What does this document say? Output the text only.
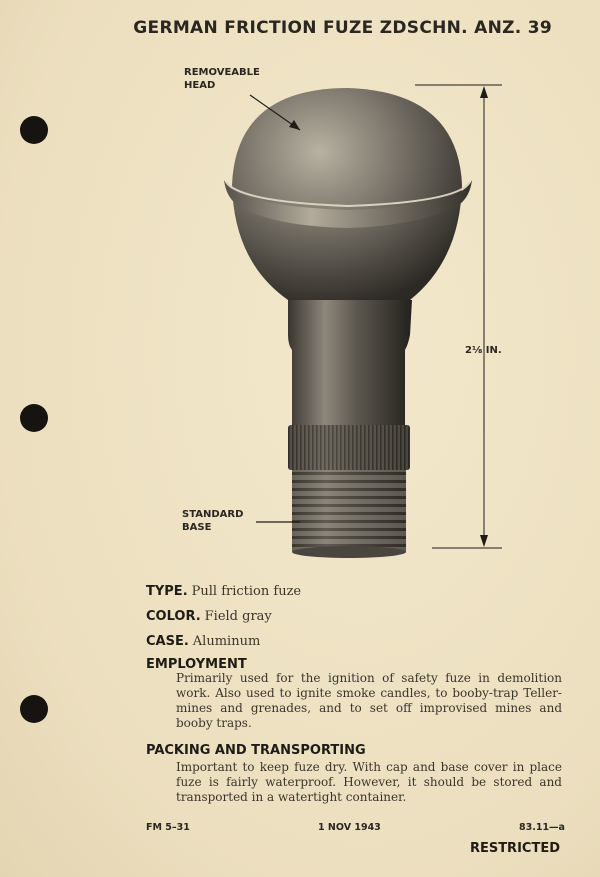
GERMAN FRICTION FUZE ZDSCHN. ANZ. 39
REMOVEABLE
HEAD
STANDARD
BASE
2⅛ IN.
TYPE. Pull friction fuze
COLOR. Field gray
CASE. Aluminum
EMPLOYMENT
Primarily used for the ignition of safety fuze in demolition work. Also used to ignite smoke candles, to booby-trap Teller-mines and grenades, and to set off improvised mines and booby traps.
PACKING AND TRANSPORTING
Important to keep fuze dry. With cap and base cover in place fuze is fairly waterproof. However, it should be stored and transported in a watertight container.
FM 5–31	1 NOV 1943	83.11—a
RESTRICTED
